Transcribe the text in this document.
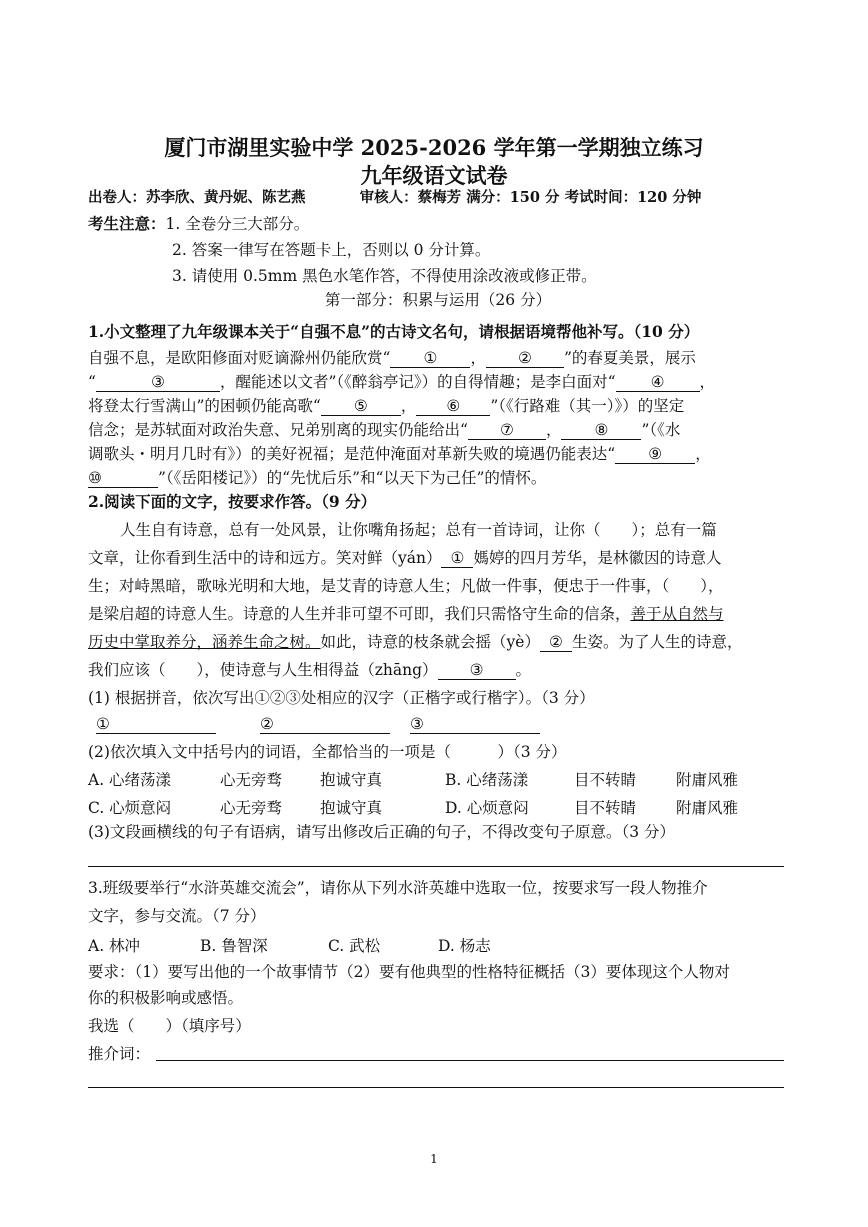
厦门市湖里实验中学 2025-2026 学年第一学期独立练习
九年级语文试卷
出卷人：苏李欣、黄丹妮、陈艺燕	审核人：蔡梅芳 满分：150 分 考试时间：120 分钟
考生注意：1. 全卷分三大部分。
2. 答案一律写在答题卡上，否则以 0 分计算。
3. 请使用 0.5mm 黑色水笔作答，不得使用涂改液或修正带。
第一部分：积累与运用（26 分）
1.小文整理了九年级课本关于“自强不息”的古诗文名句，请根据语境帮他补写。（10 分）
自强不息，是欧阳修面对贬谪滁州仍能欣赏“ ① ， ② ”的春夏美景，展示
“	③	，醒能述以文者”（《醉翁亭记》）的自得情趣；是李白面对“ ④ ，
将登太行雪满山”的困顿仍能高歌“ ⑤ ， ⑥ ”（《行路难（其一）》）的坚定
信念；是苏轼面对政治失意、兄弟别离的现实仍能给出“ ⑦ ， ⑧ ”（《水
调歌头・明月几时有》）的美好祝福；是范仲淹面对革新失败的境遇仍能表达“ ⑨ ，
⑩	”（《岳阳楼记》）的“先忧后乐”和“以天下为己任”的情怀。
2.阅读下面的文字，按要求作答。（9 分）
人生自有诗意，总有一处风景，让你嘴角扬起；总有一首诗词，让你（　　）；总有一篇
文章，让你看到生活中的诗和远方。笑对鲜（yán） ① 媽婷的四月芳华，是林徽因的诗意人
生；对峙黑暗，歌咏光明和大地，是艾青的诗意人生；凡做一件事，便忠于一件事，（　　），
是梁启超的诗意人生。诗意的人生并非可望不可即，我们只需恪守生命的信条，善于从自然与
历史中掌取养分，涵养生命之树。如此，诗意的枝条就会摇（yè） ② 生姿。为了人生的诗意，
我们应该（　　），使诗意与人生相得益（zhāng） ③ 。
(1) 根据拼音，依次写出①②③处相应的汉字（正楷字或行楷字）。（3 分）
①	②	③
(2)依次填入文中括号内的词语，全都恰当的一项是（　　　）（3 分）
A. 心绪荡漾	心无旁骛 抱诚守真	B. 心绪荡漾	目不转睛	附庸风雅
C. 心烦意闷	心无旁骛 抱诚守真	D. 心烦意闷	目不转睛	附庸风雅
(3)文段画横线的句子有语病，请写出修改后正确的句子，不得改变句子原意。（3 分）
3.班级要举行“水浒英雄交流会”，请你从下列水浒英雄中选取一位，按要求写一段人物推介
文字，参与交流。（7 分）
A. 林冲	B. 鲁智深	C. 武松	D. 杨志
要求：（1）要写出他的一个故事情节（2）要有他典型的性格特征概括（3）要体现这个人物对
你的积极影响或感悟。
我选（　　）（填序号）
推介词：
1
